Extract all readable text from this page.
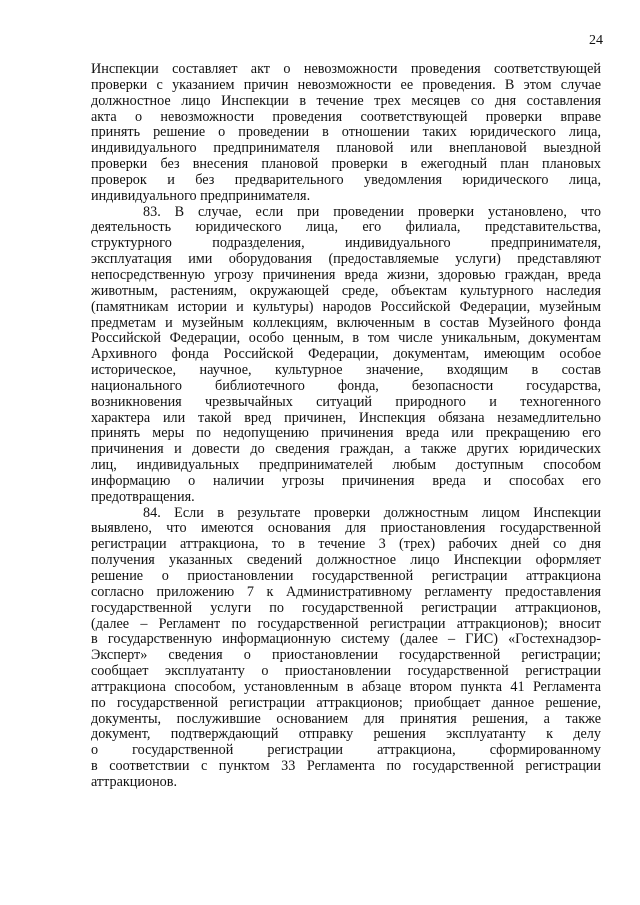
24
Инспекции составляет акт о невозможности проведения соответствующей
проверки с указанием причин невозможности ее проведения. В этом случае
должностное лицо Инспекции в течение трех месяцев со дня составления
акта о невозможности проведения соответствующей проверки вправе
принять решение о проведении в отношении таких юридического лица,
индивидуального предпринимателя плановой или внеплановой выездной
проверки без внесения плановой проверки в ежегодный план плановых
проверок и без предварительного уведомления юридического лица,
индивидуального предпринимателя.
83. В случае, если при проведении проверки установлено, что
деятельность юридического лица, его филиала, представительства,
структурного подразделения, индивидуального предпринимателя,
эксплуатация ими оборудования (предоставляемые услуги) представляют
непосредственную угрозу причинения вреда жизни, здоровью граждан, вреда
животным, растениям, окружающей среде, объектам культурного наследия
(памятникам истории и культуры) народов Российской Федерации, музейным
предметам и музейным коллекциям, включенным в состав Музейного фонда
Российской Федерации, особо ценным, в том числе уникальным, документам
Архивного фонда Российской Федерации, документам, имеющим особое
историческое, научное, культурное значение, входящим в состав
национального библиотечного фонда, безопасности государства,
возникновения чрезвычайных ситуаций природного и техногенного
характера или такой вред причинен, Инспекция обязана незамедлительно
принять меры по недопущению причинения вреда или прекращению его
причинения и довести до сведения граждан, а также других юридических
лиц, индивидуальных предпринимателей любым доступным способом
информацию о наличии угрозы причинения вреда и способах его
предотвращения.
84. Если в результате проверки должностным лицом Инспекции
выявлено, что имеются основания для приостановления государственной
регистрации аттракциона, то в течение 3 (трех) рабочих дней со дня
получения указанных сведений должностное лицо Инспекции оформляет
решение о приостановлении государственной регистрации аттракциона
согласно приложению 7 к Административному регламенту предоставления
государственной услуги по государственной регистрации аттракционов,
(далее – Регламент по государственной регистрации аттракционов); вносит
в государственную информационную систему (далее – ГИС) «Гостехнадзор-
Эксперт» сведения о приостановлении государственной регистрации;
сообщает эксплуатанту о приостановлении государственной регистрации
аттракциона способом, установленным в абзаце втором пункта 41 Регламента
по государственной регистрации аттракционов; приобщает данное решение,
документы, послужившие основанием для принятия решения, а также
документ, подтверждающий отправку решения эксплуатанту к делу
о государственной регистрации аттракциона, сформированному
в соответствии с пунктом 33 Регламента по государственной регистрации
аттракционов.
